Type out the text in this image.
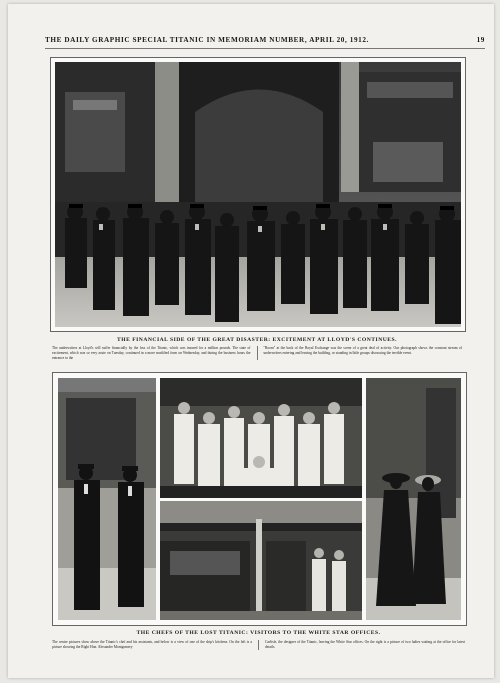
THE DAILY GRAPHIC SPECIAL TITANIC IN MEMORIAM NUMBER, APRIL 20, 1912.	19
THE FINANCIAL SIDE OF THE GREAT DISASTER: EXCITEMENT AT LLOYD'S CONTINUES.

The underwriters at Lloyd's will suffer financially by the loss of the Titanic, which was insured for a million pounds. The state of excitement, which was so very acute on Tuesday, continued in a more modified form on Wednesday, and during the business hours the entrance to the

"Room" at the back of the Royal Exchange was the scene of a great deal of activity. Our photograph shows the constant stream of underwriters entering and leaving the building, or standing in little groups discussing the terrible event.

THE CHEFS OF THE LOST TITANIC: VISITORS TO THE WHITE STAR OFFICES.

The centre pictures show above the Titanic's chef and his assistants, and below is a view of one of the ship's kitchens. On the left is a picture showing the Right Hon. Alexander Montgomery

Carlisle, the designer of the Titanic, leaving the White Star offices. On the right is a picture of two ladies waiting at the office for latest details.
